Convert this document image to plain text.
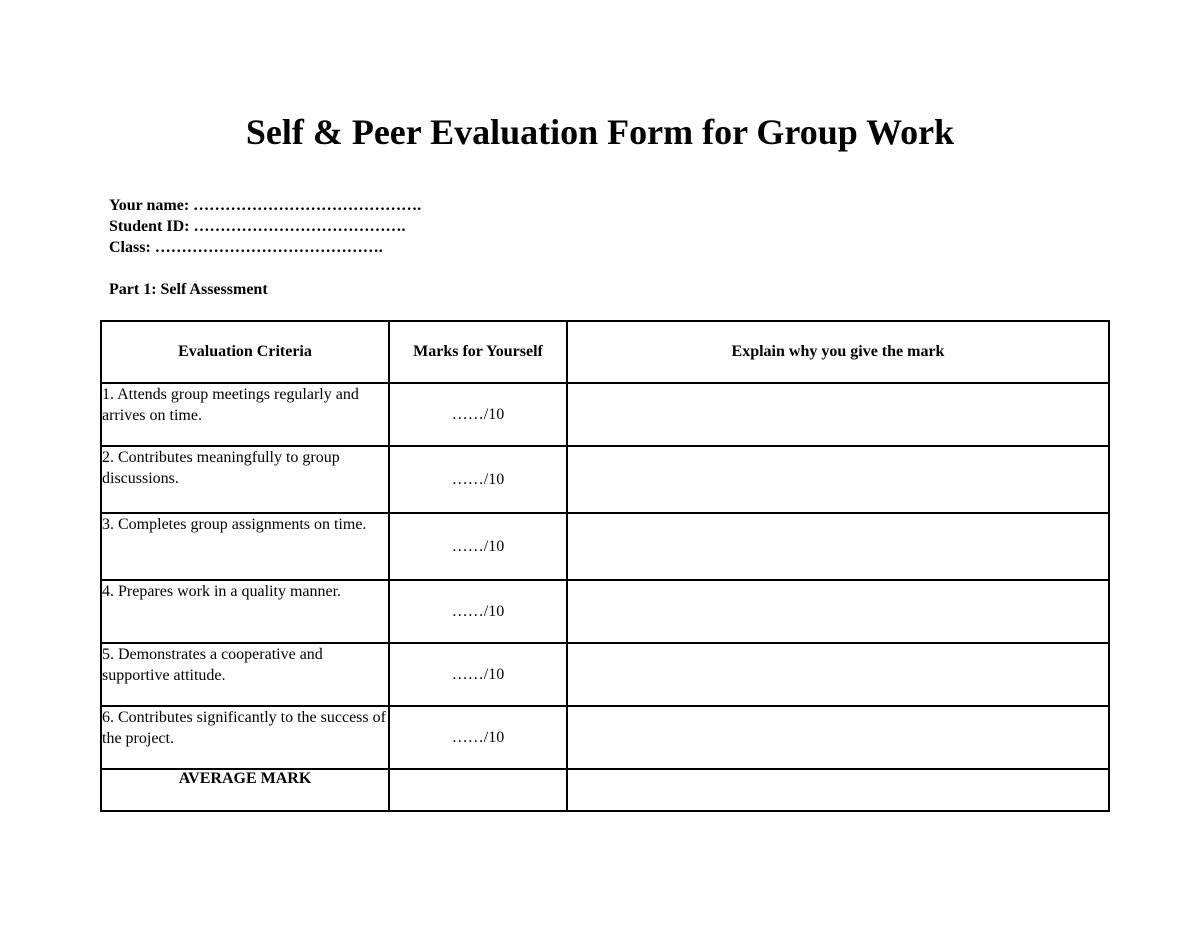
Self & Peer Evaluation Form for Group Work
Your name: …………………………………….
Student ID: ………………………………….
Class: …………………………………….
Part 1: Self Assessment
Evaluation Criteria	Marks for Yourself	Explain why you give the mark
1. Attends group meetings regularly and arrives on time.	……/10	
2. Contributes meaningfully to group discussions.	……/10	
3. Completes group assignments on time.	……/10	
4. Prepares work in a quality manner.	……/10	
5. Demonstrates a cooperative and supportive attitude.	……/10	
6. Contributes significantly to the success of the project.	……/10	
AVERAGE MARK		
